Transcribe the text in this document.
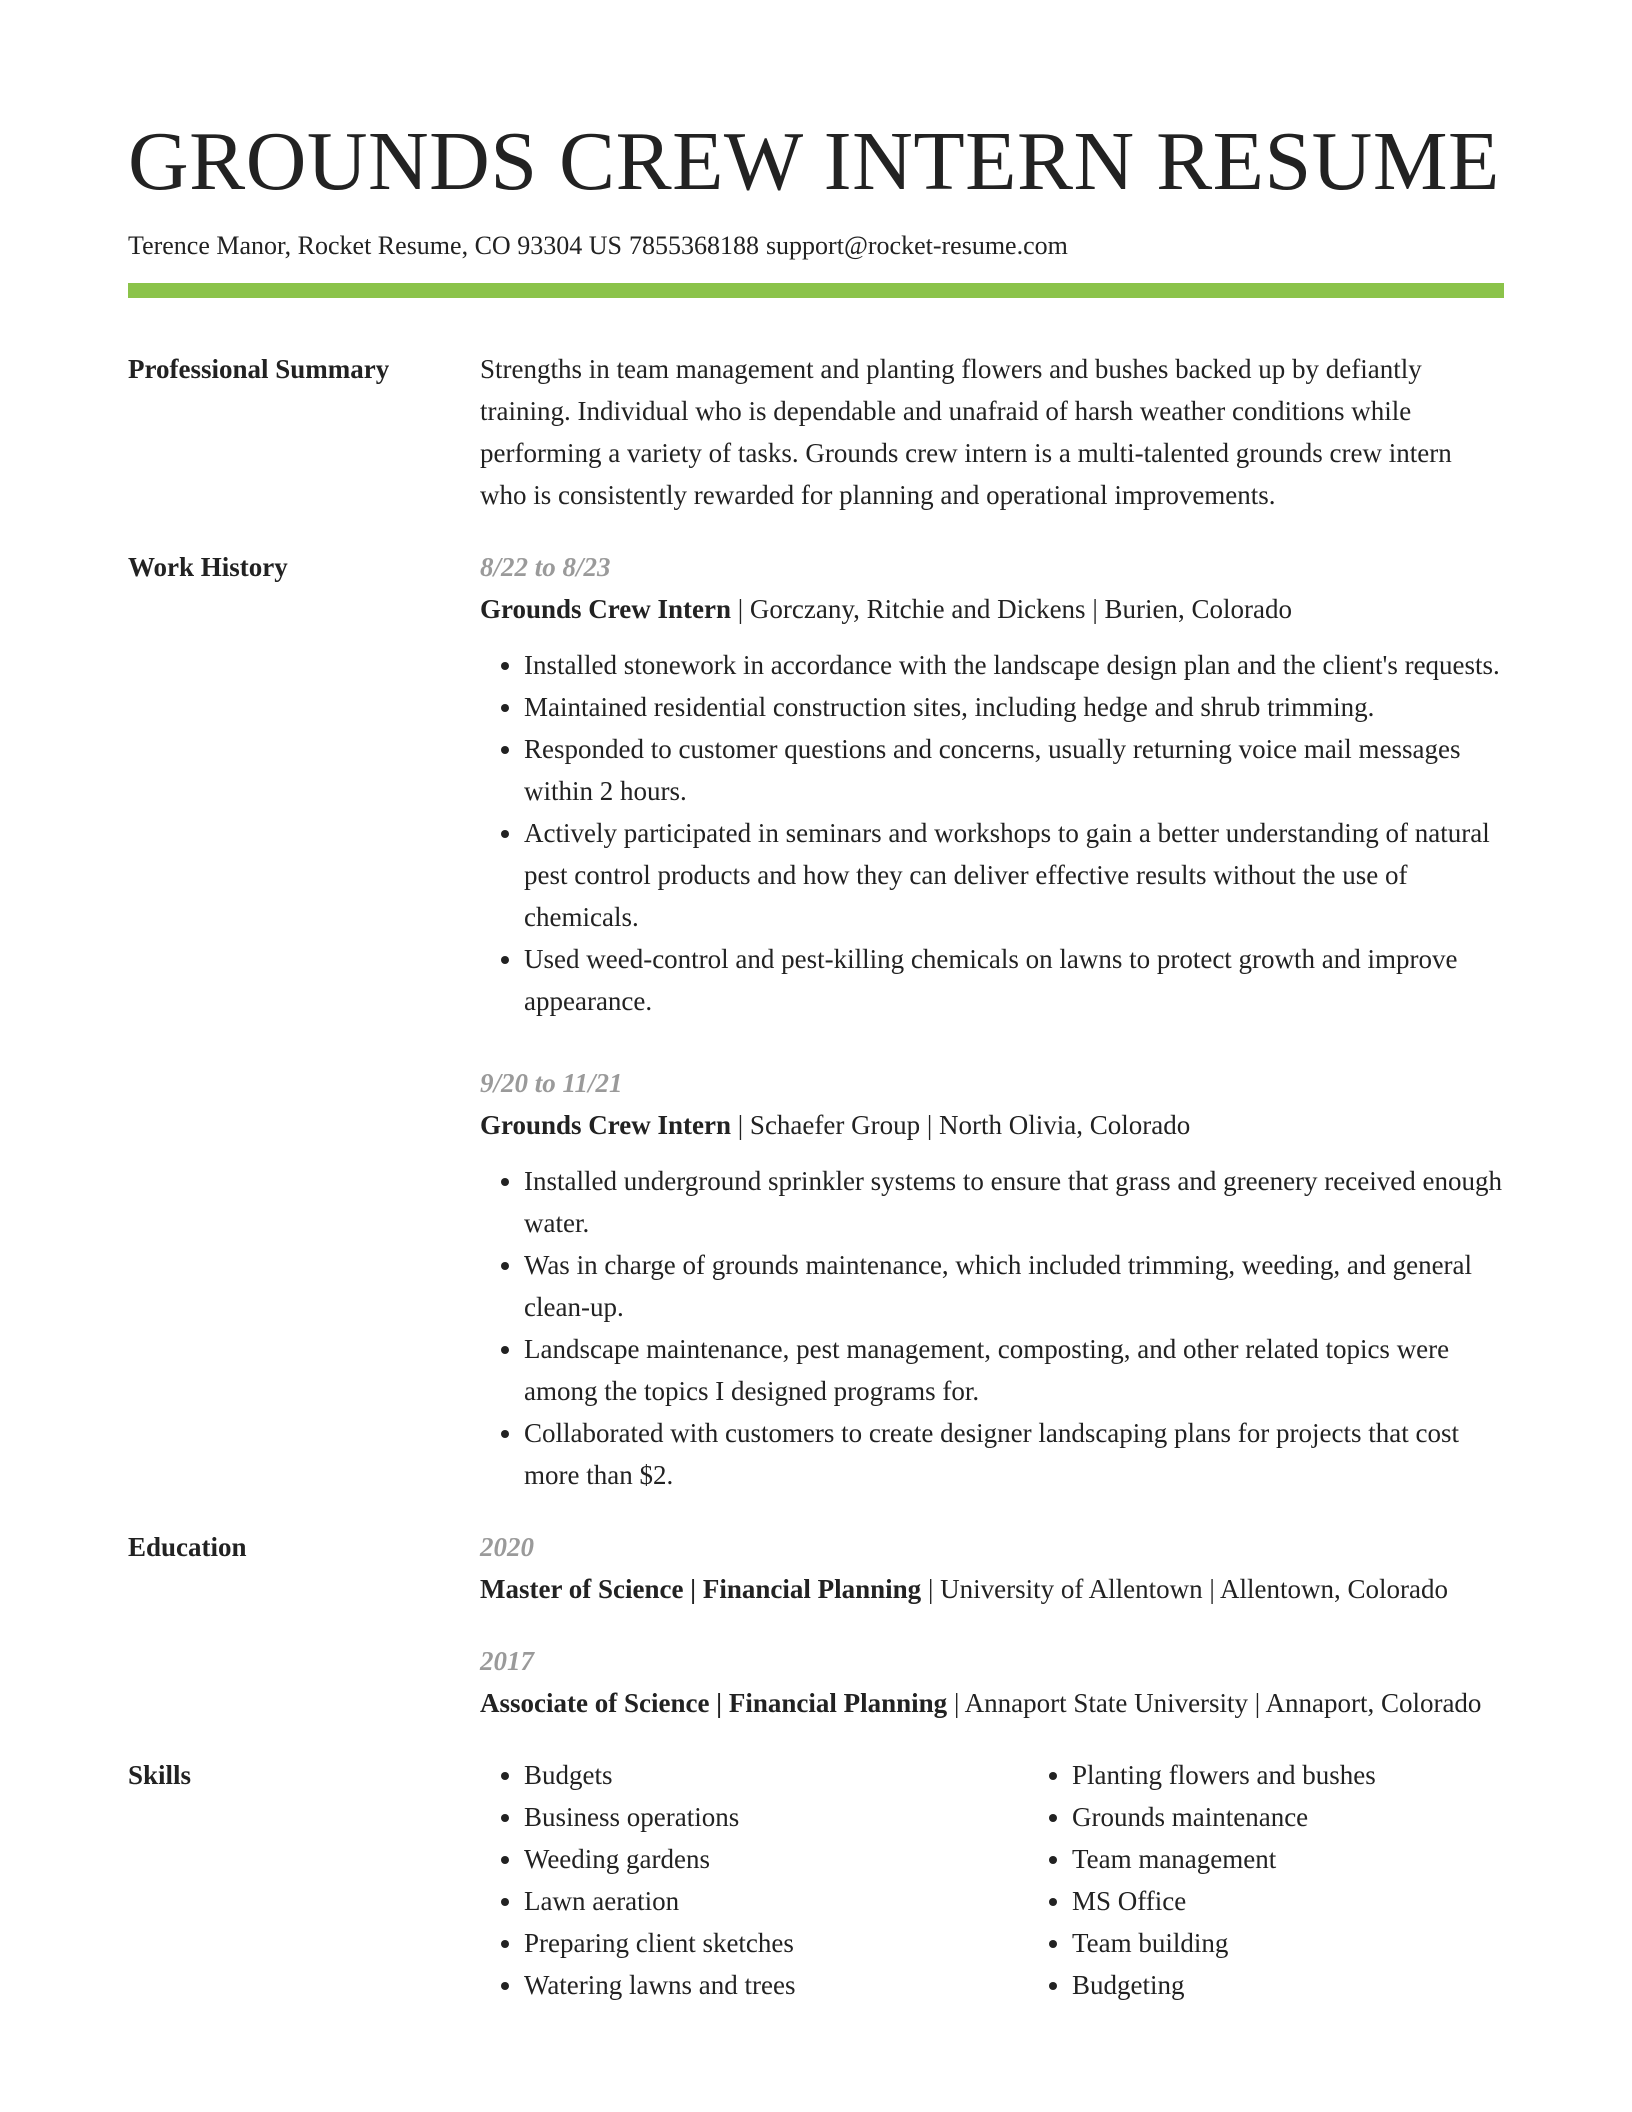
GROUNDS CREW INTERN RESUME
Terence Manor, Rocket Resume, CO 93304 US 7855368188 support@rocket-resume.com
Professional Summary	Strengths in team management and planting flowers and bushes backed up by defiantly training. Individual who is dependable and unafraid of harsh weather conditions while performing a variety of tasks. Grounds crew intern is a multi-talented grounds crew intern who is consistently rewarded for planning and operational improvements.
Work History	8/22 to 8/23
Grounds Crew Intern | Gorczany, Ritchie and Dickens | Burien, Colorado
• Installed stonework in accordance with the landscape design plan and the client's requests.
• Maintained residential construction sites, including hedge and shrub trimming.
• Responded to customer questions and concerns, usually returning voice mail messages within 2 hours.
• Actively participated in seminars and workshops to gain a better understanding of natural pest control products and how they can deliver effective results without the use of chemicals.
• Used weed-control and pest-killing chemicals on lawns to protect growth and improve appearance.
9/20 to 11/21
Grounds Crew Intern | Schaefer Group | North Olivia, Colorado
• Installed underground sprinkler systems to ensure that grass and greenery received enough water.
• Was in charge of grounds maintenance, which included trimming, weeding, and general clean-up.
• Landscape maintenance, pest management, composting, and other related topics were among the topics I designed programs for.
• Collaborated with customers to create designer landscaping plans for projects that cost more than $2.
Education	2020
Master of Science | Financial Planning | University of Allentown | Allentown, Colorado
2017
Associate of Science | Financial Planning | Annaport State University | Annaport, Colorado
Skills
•	Budgets
• Business operations
• Weeding gardens
• Lawn aeration
• Preparing client sketches
• Watering lawns and trees
• Planting flowers and bushes
• Grounds maintenance
• Team management
• MS Office
• Team building
• Budgeting
